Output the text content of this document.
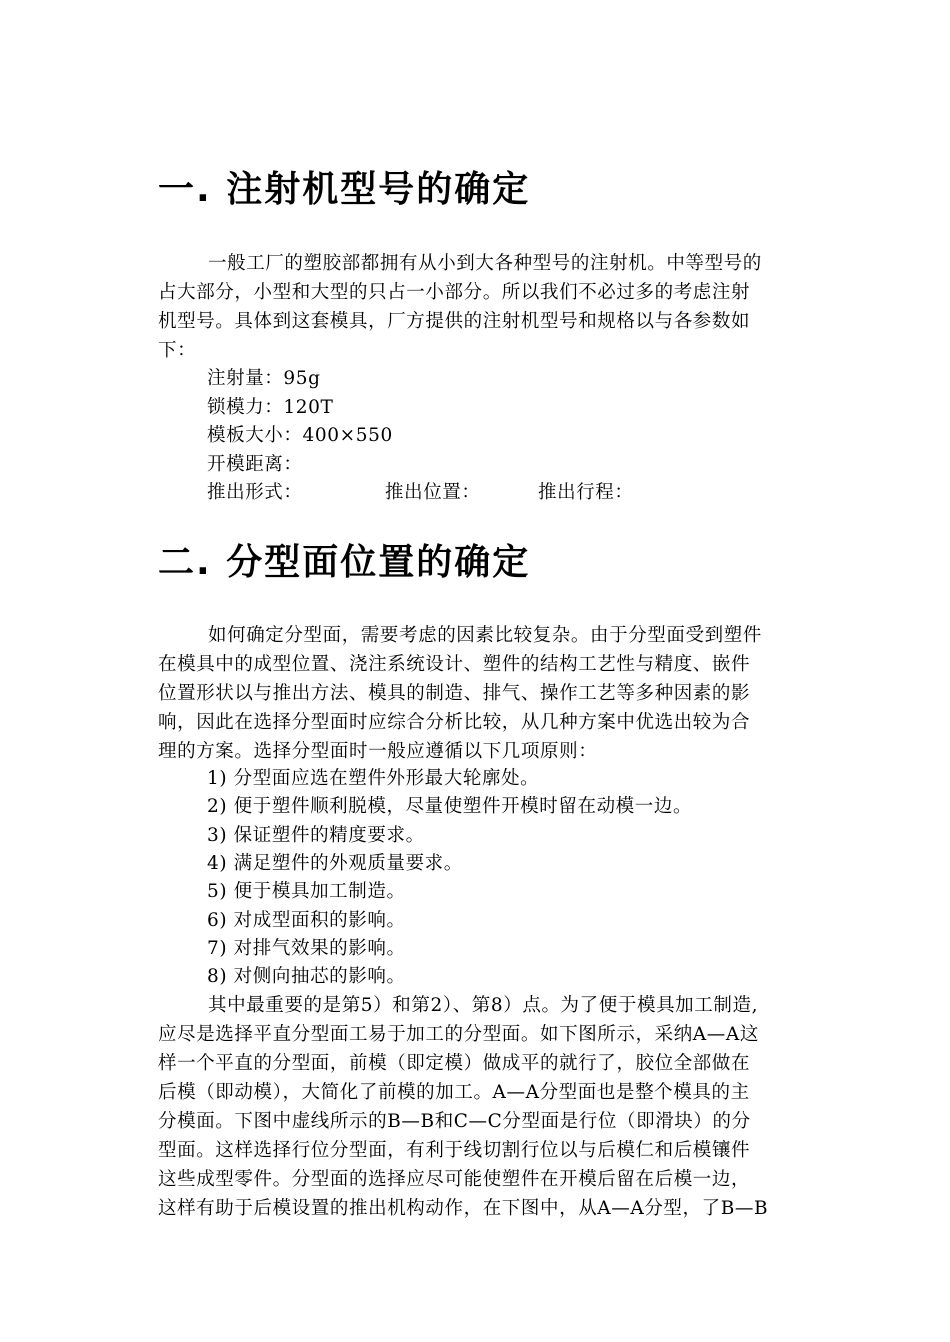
一. 注射机型号的确定
一般工厂的塑胶部都拥有从小到大各种型号的注射机。中等型号的
占大部分，小型和大型的只占一小部分。所以我们不必过多的考虑注射
机型号。具体到这套模具，厂方提供的注射机型号和规格以与各参数如
下：
注射量：95g
锁模力：120T
模板大小：400×550
开模距离：
推出形式：	推出位置：	推出行程：
二. 分型面位置的确定
如何确定分型面，需要考虑的因素比较复杂。由于分型面受到塑件
在模具中的成型位置、浇注系统设计、塑件的结构工艺性与精度、嵌件
位置形状以与推出方法、模具的制造、排气、操作工艺等多种因素的影
响，因此在选择分型面时应综合分析比较，从几种方案中优选出较为合
理的方案。选择分型面时一般应遵循以下几项原则：
1) 分型面应选在塑件外形最大轮廓处。
2) 便于塑件顺利脱模，尽量使塑件开模时留在动模一边。
3) 保证塑件的精度要求。
4) 满足塑件的外观质量要求。
5) 便于模具加工制造。
6) 对成型面积的影响。
7) 对排气效果的影响。
8) 对侧向抽芯的影响。
其中最重要的是第5）和第2）、第8）点。为了便于模具加工制造,
应尽是选择平直分型面工易于加工的分型面。如下图所示，采纳A—A这
样一个平直的分型面，前模（即定模）做成平的就行了，胶位全部做在
后模（即动模），大简化了前模的加工。A—A分型面也是整个模具的主
分模面。下图中虚线所示的B—B和C—C分型面是行位（即滑块）的分
型面。这样选择行位分型面，有利于线切割行位以与后模仁和后模镶件
这些成型零件。分型面的选择应尽可能使塑件在开模后留在后模一边，
这样有助于后模设置的推出机构动作，在下图中，从A—A分型，了B—B
